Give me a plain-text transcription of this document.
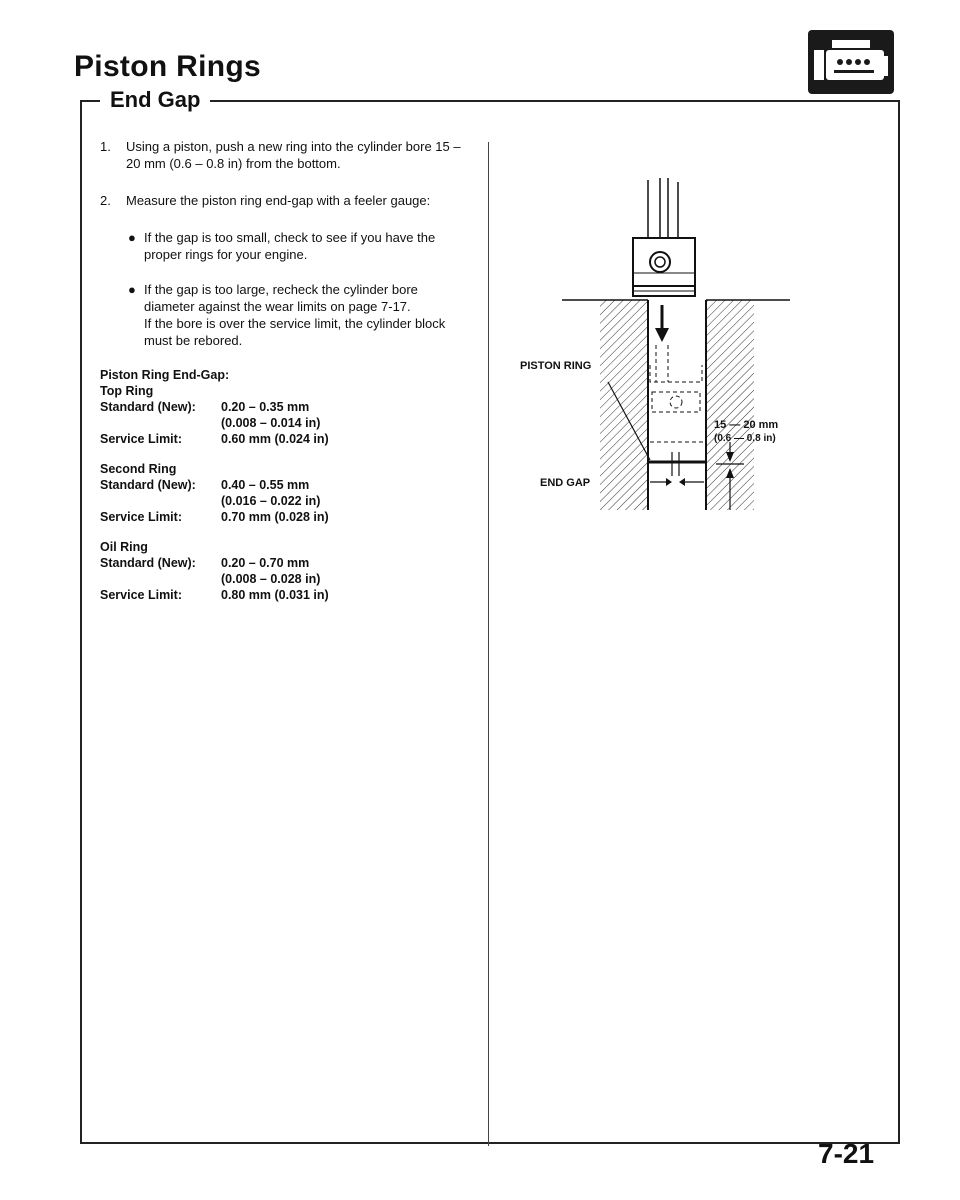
Piston Rings
End Gap
1. Using a piston, push a new ring into the cylinder bore 15 – 20 mm (0.6 – 0.8 in) from the bottom.
2. Measure the piston ring end-gap with a feeler gauge:
● If the gap is too small, check to see if you have the proper rings for your engine.

● If the gap is too large, recheck the cylinder bore diameter against the wear limits on page 7-17.

If the bore is over the service limit, the cylinder block must be rebored.

Piston Ring End-Gap:
Top Ring
Standard (New):	0.20 – 0.35 mm
(0.008 – 0.014 in)
Service Limit:	0.60 mm (0.024 in)
Second Ring
Standard (New):	0.40 – 0.55 mm
(0.016 – 0.022 in)
Service Limit:	0.70 mm (0.028 in)
Oil Ring
Standard (New):	0.20 – 0.70 mm
(0.008 – 0.028 in)
Service Limit:	0.80 mm (0.031 in)
PISTON RING
END GAP
15 — 20 mm
(0.6 — 0.8 in)

7-21
